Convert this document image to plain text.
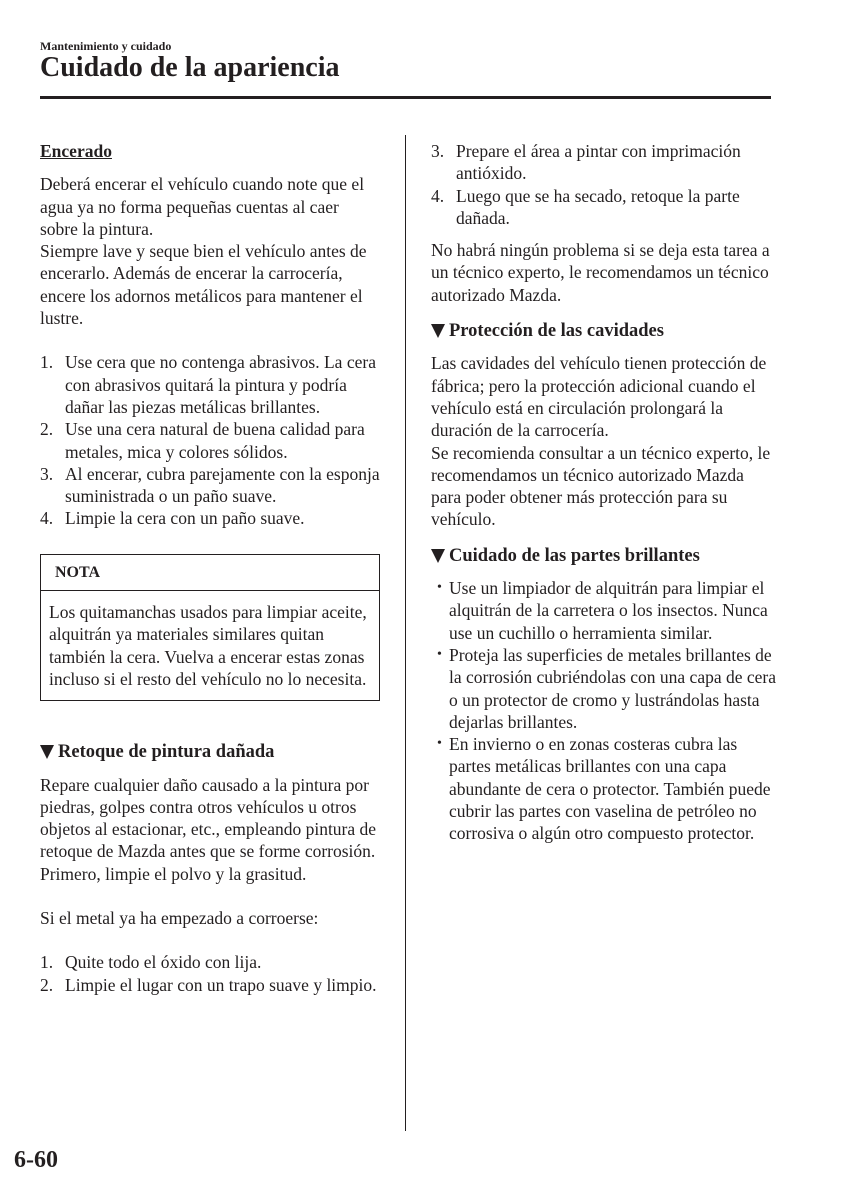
Mantenimiento y cuidado
Cuidado de la apariencia

Encerado

Deberá encerar el vehículo cuando note que el agua ya no forma pequeñas cuentas al caer sobre la pintura.

Siempre lave y seque bien el vehículo antes de encerarlo. Además de encerar la carrocería, encere los adornos metálicos para mantener el lustre.

1. Use cera que no contenga abrasivos. La cera con abrasivos quitará la pintura y podría dañar las piezas metálicas brillantes.
2. Use una cera natural de buena calidad para metales, mica y colores sólidos.
3. Al encerar, cubra parejamente con la esponja suministrada o un paño suave.
4. Limpie la cera con un paño suave.
NOTA
Los quitamanchas usados para limpiar aceite, alquitrán ya materiales similares quitan también la cera. Vuelva a encerar estas zonas incluso si el resto del vehículo no lo necesita.
Retoque de pintura dañada

Repare cualquier daño causado a la pintura por piedras, golpes contra otros vehículos u otros objetos al estacionar, etc., empleando pintura de retoque de Mazda antes que se forme corrosión. Primero, limpie el polvo y la grasitud.

Si el metal ya ha empezado a corroerse:

1. Quite todo el óxido con lija.
2. Limpie el lugar con un trapo suave y limpio.
3. Prepare el área a pintar con imprimación antióxido.
4. Luego que se ha secado, retoque la parte dañada.

No habrá ningún problema si se deja esta tarea a un técnico experto, le recomendamos un técnico autorizado Mazda.

Protección de las cavidades

Las cavidades del vehículo tienen protección de fábrica; pero la protección adicional cuando el vehículo está en circulación prolongará la duración de la carrocería.

Se recomienda consultar a un técnico experto, le recomendamos un técnico autorizado Mazda para poder obtener más protección para su vehículo.

Cuidado de las partes brillantes
• Use un limpiador de alquitrán para limpiar el alquitrán de la carretera o los insectos. Nunca use un cuchillo o herramienta similar.
• Proteja las superficies de metales brillantes de la corrosión cubriéndolas con una capa de cera o un protector de cromo y lustrándolas hasta dejarlas brillantes.
• En invierno o en zonas costeras cubra las partes metálicas brillantes con una capa abundante de cera o protector. También puede cubrir las partes con vaselina de petróleo no corrosiva o algún otro compuesto protector.
6-60
